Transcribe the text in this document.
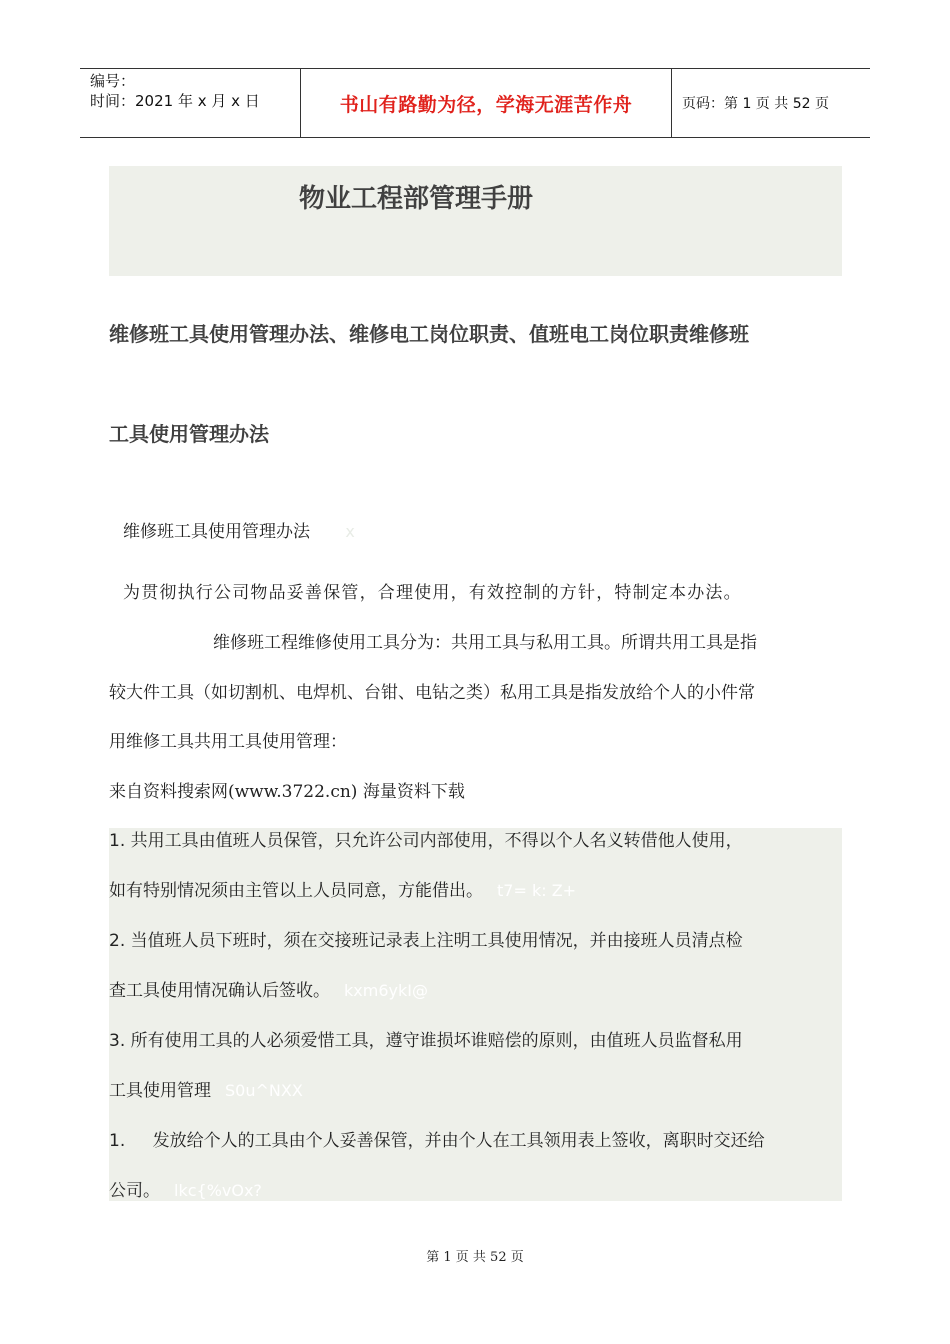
编号：
时间：2021 年 x 月 x 日	书山有路勤为径，学海无涯苦作舟	页码：第 1 页 共 52 页
物业工程部管理手册
维修班工具使用管理办法、维修电工岗位职责、值班电工岗位职责维修班
工具使用管理办法
维修班工具使用管理办法 x
为贯彻执行公司物品妥善保管，合理使用，有效控制的方针，特制定本办法。
维修班工程维修使用工具分为：共用工具与私用工具。所谓共用工具是指
较大件工具（如切割机、电焊机、台钳、电钻之类）私用工具是指发放给个人的小件常
用维修工具共用工具使用管理：
来自资料搜索网(www.3722.cn) 海量资料下载
1. 共用工具由值班人员保管，只允许公司内部使用，不得以个人名义转借他人使用，
如有特别情况须由主管以上人员同意，方能借出。 t7= k: Z+
2. 当值班人员下班时，须在交接班记录表上注明工具使用情况，并由接班人员清点检
查工具使用情况确认后签收。 kxm6ykI@
3. 所有使用工具的人必须爱惜工具，遵守谁损坏谁赔偿的原则，由值班人员监督私用
工具使用管理 S0u^NXX
1. 发放给个人的工具由个人妥善保管，并由个人在工具领用表上签收，离职时交还给
公司。 lkc{%vOx?
第 1 页 共 52 页
